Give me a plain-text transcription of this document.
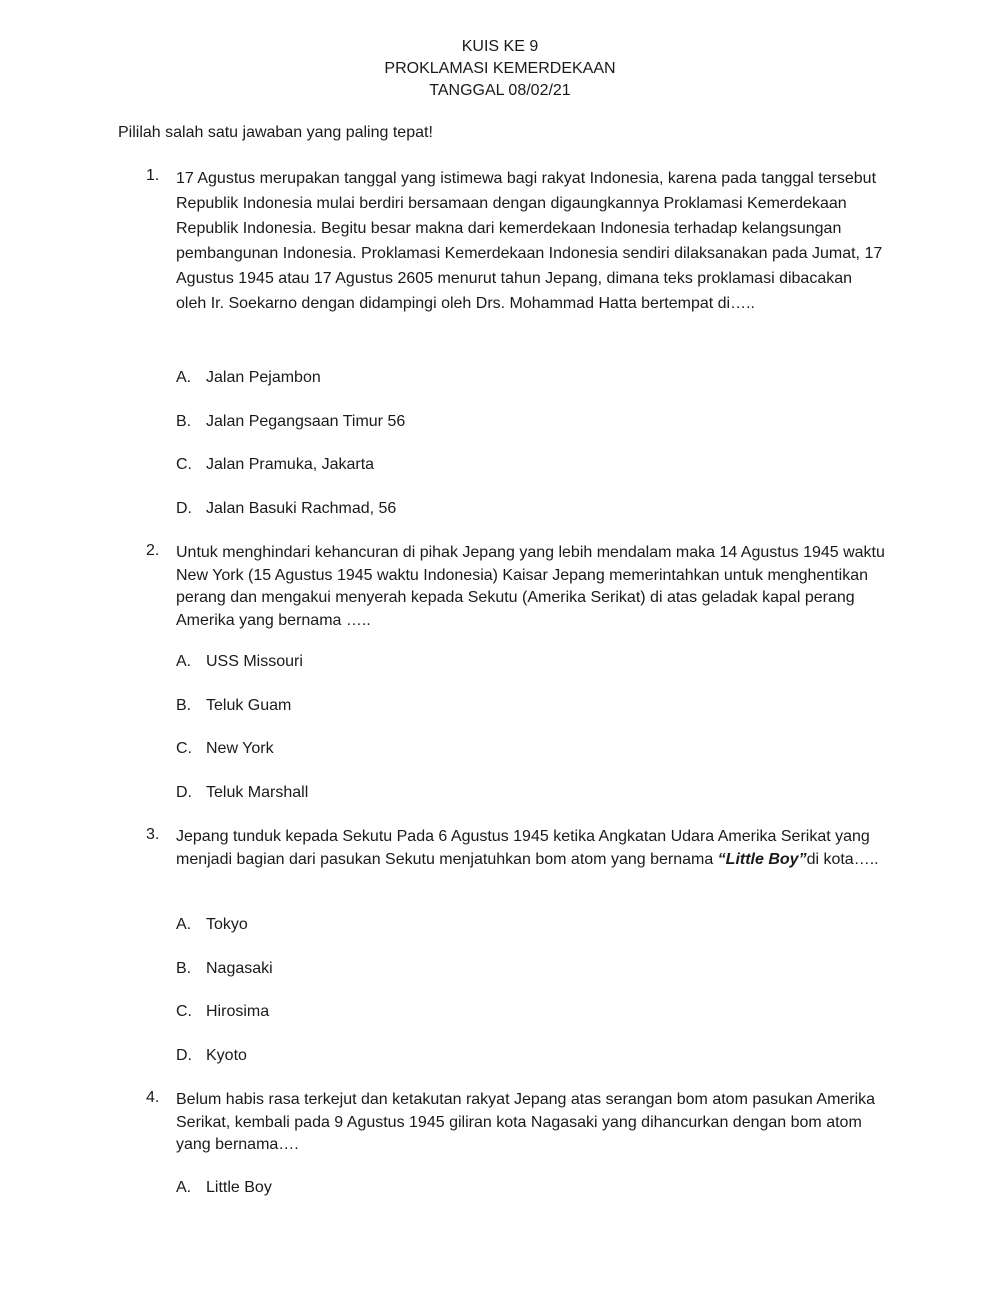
KUIS KE 9
PROKLAMASI KEMERDEKAAN
TANGGAL 08/02/21
Pililah salah satu jawaban yang paling tepat!
1. 17 Agustus merupakan tanggal yang istimewa bagi rakyat Indonesia, karena pada tanggal tersebut Republik Indonesia mulai berdiri bersamaan dengan digaungkannya Proklamasi Kemerdekaan Republik Indonesia. Begitu besar makna dari kemerdekaan Indonesia terhadap kelangsungan pembangunan Indonesia. Proklamasi Kemerdekaan Indonesia sendiri dilaksanakan pada Jumat, 17 Agustus 1945 atau 17 Agustus 2605 menurut tahun Jepang, dimana teks proklamasi dibacakan oleh Ir. Soekarno dengan didampingi oleh Drs. Mohammad Hatta bertempat di…..
A. Jalan Pejambon
B. Jalan Pegangsaan Timur 56
C. Jalan Pramuka, Jakarta
D. Jalan Basuki Rachmad, 56
2. Untuk menghindari kehancuran di pihak Jepang yang lebih mendalam maka 14 Agustus 1945 waktu New York (15 Agustus 1945 waktu Indonesia) Kaisar Jepang memerintahkan untuk menghentikan perang dan mengakui menyerah kepada Sekutu (Amerika Serikat) di atas geladak kapal perang Amerika yang bernama …..
A. USS Missouri
B. Teluk Guam
C. New York
D. Teluk Marshall
3. Jepang tunduk kepada Sekutu Pada 6 Agustus 1945 ketika Angkatan Udara Amerika Serikat yang menjadi bagian dari pasukan Sekutu menjatuhkan bom atom yang bernama “Little Boy”di kota…..
A. Tokyo
B. Nagasaki
C. Hirosima
D. Kyoto
4. Belum habis rasa terkejut dan ketakutan rakyat Jepang atas serangan bom atom pasukan Amerika Serikat, kembali pada 9 Agustus 1945 giliran kota Nagasaki yang dihancurkan dengan bom atom yang bernama….
A. Little Boy
